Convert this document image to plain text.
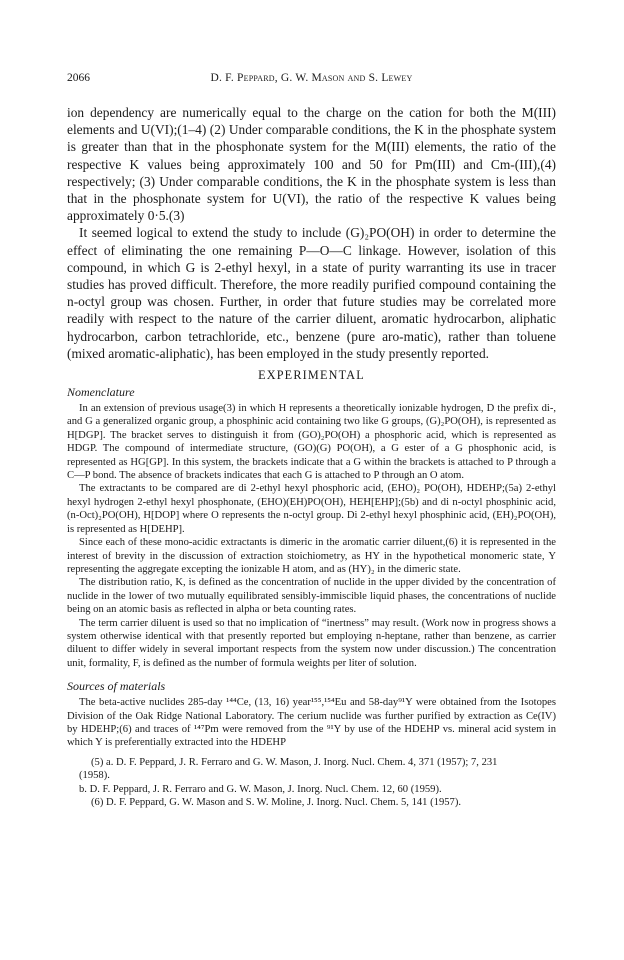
2066	D. F. Peppard, G. W. Mason and S. Lewey

ion dependency are numerically equal to the charge on the cation for both the M(III) elements and U(VI);(1–4) (2) Under comparable conditions, the K in the phosphate system is greater than that in the phosphonate system for the M(III) elements, the ratio of the respective K values being approximately 100 and 50 for Pm(III) and Cm-(III),(4) respectively; (3) Under comparable conditions, the K in the phosphate system is less than that in the phosphonate system for U(VI), the ratio of the respective K values being approximately 0·5.(3)

It seemed logical to extend the study to include (G)₂PO(OH) in order to determine the effect of eliminating the one remaining P—O—C linkage. However, isolation of this compound, in which G is 2-ethyl hexyl, in a state of purity warranting its use in tracer studies has proved difficult. Therefore, the more readily purified compound containing the n-octyl group was chosen. Further, in order that future studies may be correlated more readily with respect to the nature of the carrier diluent, aromatic hydrocarbon, aliphatic hydrocarbon, carbon tetrachloride, etc., benzene (pure aro-matic), rather than toluene (mixed aromatic-aliphatic), has been employed in the study presently reported.

EXPERIMENTAL
Nomenclature

In an extension of previous usage(3) in which H represents a theoretically ionizable hydrogen, D the prefix di-, and G a generalized organic group, a phosphinic acid containing two like G groups, (G)₂PO(OH), is represented as H[DGP]. The bracket serves to distinguish it from (GO)₂PO(OH) a phosphoric acid, which is represented as HDGP. The compound of intermediate structure, (GO)(G) PO(OH), a G ester of a G phosphonic acid, is represented as HG[GP]. In this system, the brackets indicate that a G within the brackets is attached to P through a C—P bond. The absence of brackets indicates that each G is attached to P through an O atom.

The extractants to be compared are di 2-ethyl hexyl phosphoric acid, (EHO)₂ PO(OH), HDEHP;(5a) 2-ethyl hexyl hydrogen 2-ethyl hexyl phosphonate, (EHO)(EH)PO(OH), HEH[EHP];(5b) and di n-octyl phosphinic acid, (n-Oct)₂PO(OH), H[DOP] where O represents the n-octyl group. Di 2-ethyl hexyl phosphinic acid, (EH)₂PO(OH), is represented as H[DEHP].

Since each of these mono-acidic extractants is dimeric in the aromatic carrier diluent,(6) it is represented in the interest of brevity in the discussion of extraction stoichiometry, as HY in the hypothetical monomeric state, Y representing the aggregate excepting the ionizable H atom, and as (HY)₂ in the dimeric state.

The distribution ratio, K, is defined as the concentration of nuclide in the upper divided by the concentration of nuclide in the lower of two mutually equilibrated sensibly-immiscible liquid phases, the concentrations of nuclide being on an atomic basis as reflected in alpha or beta counting rates.

The term carrier diluent is used so that no implication of “inertness” may result. (Work now in progress shows a system otherwise identical with that presently reported but employing n-heptane, rather than benzene, as carrier diluent to differ widely in several important respects from the system now under discussion.) The concentration unit, formality, F, is defined as the number of formula weights per liter of solution.

Sources of materials

The beta-active nuclides 285-day ¹⁴⁴Ce, (13, 16) year¹⁵⁵,¹⁵⁴Eu and 58-day⁹¹Y were obtained from the Isotopes Division of the Oak Ridge National Laboratory. The cerium nuclide was further purified by extraction as Ce(IV) by HDEHP;(6) and traces of ¹⁴⁷Pm were removed from the ⁹¹Y by use of the HDEHP vs. mineral acid system in which Y is preferentially extracted into the HDEHP

(5) a. D. F. Peppard, J. R. Ferraro and G. W. Mason, J. Inorg. Nucl. Chem. 4, 371 (1957); 7, 231

(1958).

b. D. F. Peppard, J. R. Ferraro and G. W. Mason, J. Inorg. Nucl. Chem. 12, 60 (1959).

(6) D. F. Peppard, G. W. Mason and S. W. Moline, J. Inorg. Nucl. Chem. 5, 141 (1957).
